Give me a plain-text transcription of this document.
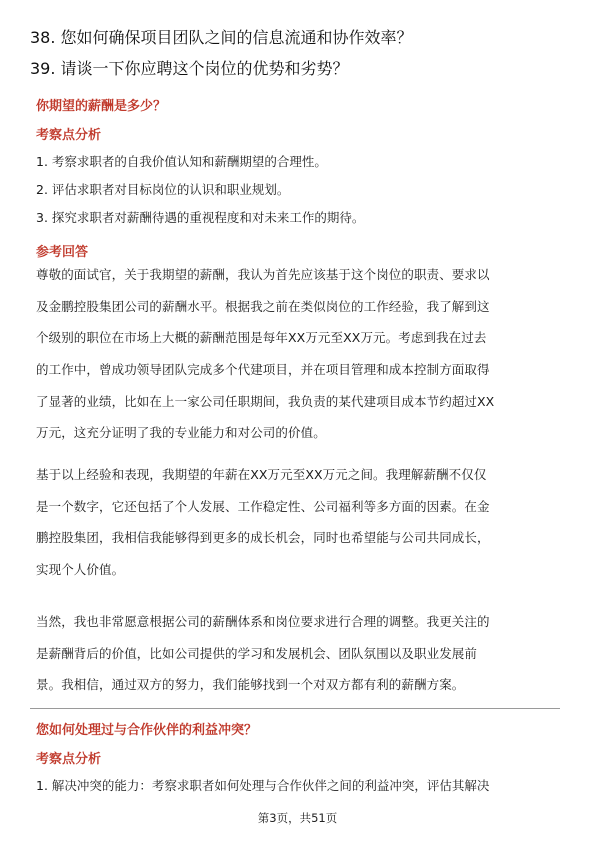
38. 您如何确保项目团队之间的信息流通和协作效率？
39. 请谈一下你应聘这个岗位的优势和劣势？
你期望的薪酬是多少？
考察点分析
1. 考察求职者的自我价值认知和薪酬期望的合理性。
2. 评估求职者对目标岗位的认识和职业规划。
3. 探究求职者对薪酬待遇的重视程度和对未来工作的期待。
参考回答
尊敬的面试官，关于我期望的薪酬，我认为首先应该基于这个岗位的职责、要求以
及金鹏控股集团公司的薪酬水平。根据我之前在类似岗位的工作经验，我了解到这
个级别的职位在市场上大概的薪酬范围是每年XX万元至XX万元。考虑到我在过去
的工作中，曾成功领导团队完成多个代建项目，并在项目管理和成本控制方面取得
了显著的业绩，比如在上一家公司任职期间，我负责的某代建项目成本节约超过XX
万元，这充分证明了我的专业能力和对公司的价值。
基于以上经验和表现，我期望的年薪在XX万元至XX万元之间。我理解薪酬不仅仅
是一个数字，它还包括了个人发展、工作稳定性、公司福利等多方面的因素。在金
鹏控股集团，我相信我能够得到更多的成长机会，同时也希望能与公司共同成长，
实现个人价值。
当然，我也非常愿意根据公司的薪酬体系和岗位要求进行合理的调整。我更关注的
是薪酬背后的价值，比如公司提供的学习和发展机会、团队氛围以及职业发展前
景。我相信，通过双方的努力，我们能够找到一个对双方都有利的薪酬方案。
您如何处理过与合作伙伴的利益冲突？
考察点分析
1. 解决冲突的能力：考察求职者如何处理与合作伙伴之间的利益冲突，评估其解决
第3页，共51页
